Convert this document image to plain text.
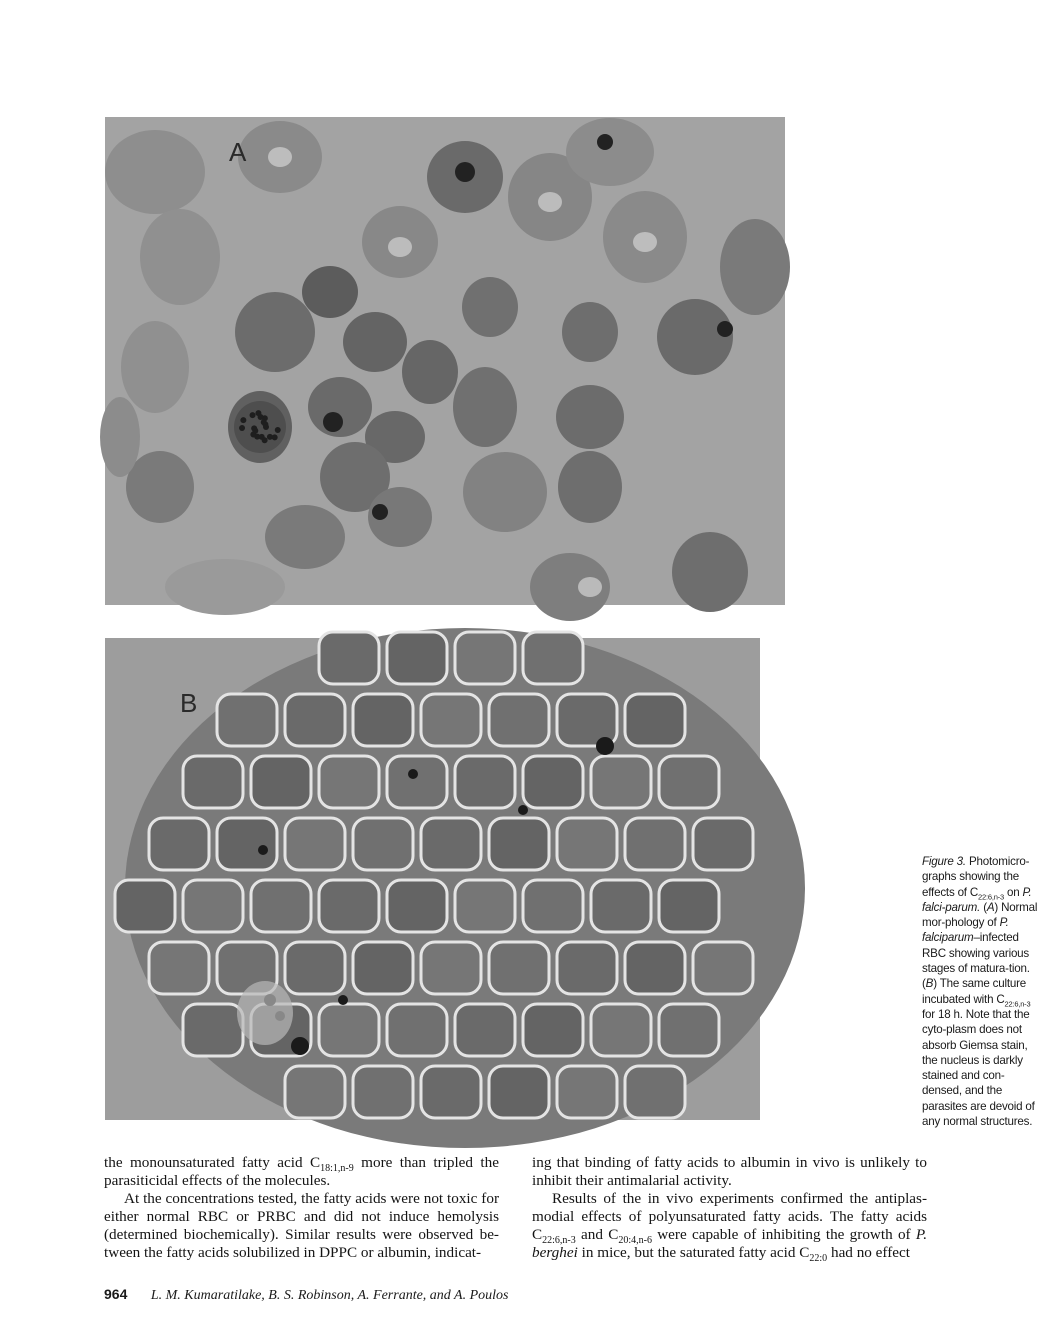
A
B
Figure 3. Photomicro-graphs showing the effects of $C_{22:6,n-3}$ on P. falci-parum. (A) Normal mor-phology of P. falciparum–infected RBC showing various stages of matura-tion. (B) The same culture incubated with $C_{22:6,n-3}$ for 18 h. Note that the cyto-plasm does not absorb Giemsa stain, the nucleus is darkly stained and con-densed, and the parasites are devoid of any normal structures.

the monounsaturated fatty acid $C_{18:1,n-9}$ more than tripled the parasiticidal effects of the molecules.

At the concentrations tested, the fatty acids were not toxic for either normal RBC or PRBC and did not induce hemolysis (determined biochemically). Similar results were observed be-tween the fatty acids solubilized in DPPC or albumin, indicat-

ing that binding of fatty acids to albumin in vivo is unlikely to inhibit their antimalarial activity.

Results of the in vivo experiments confirmed the antiplas-modial effects of polyunsaturated fatty acids. The fatty acids $C_{22:6,n-3}$ and $C_{20:4,n-6}$ were capable of inhibiting the growth of P. berghei in mice, but the saturated fatty acid $C_{22:0}$ had no effect

964 L. M. Kumaratilake, B. S. Robinson, A. Ferrante, and A. Poulos
